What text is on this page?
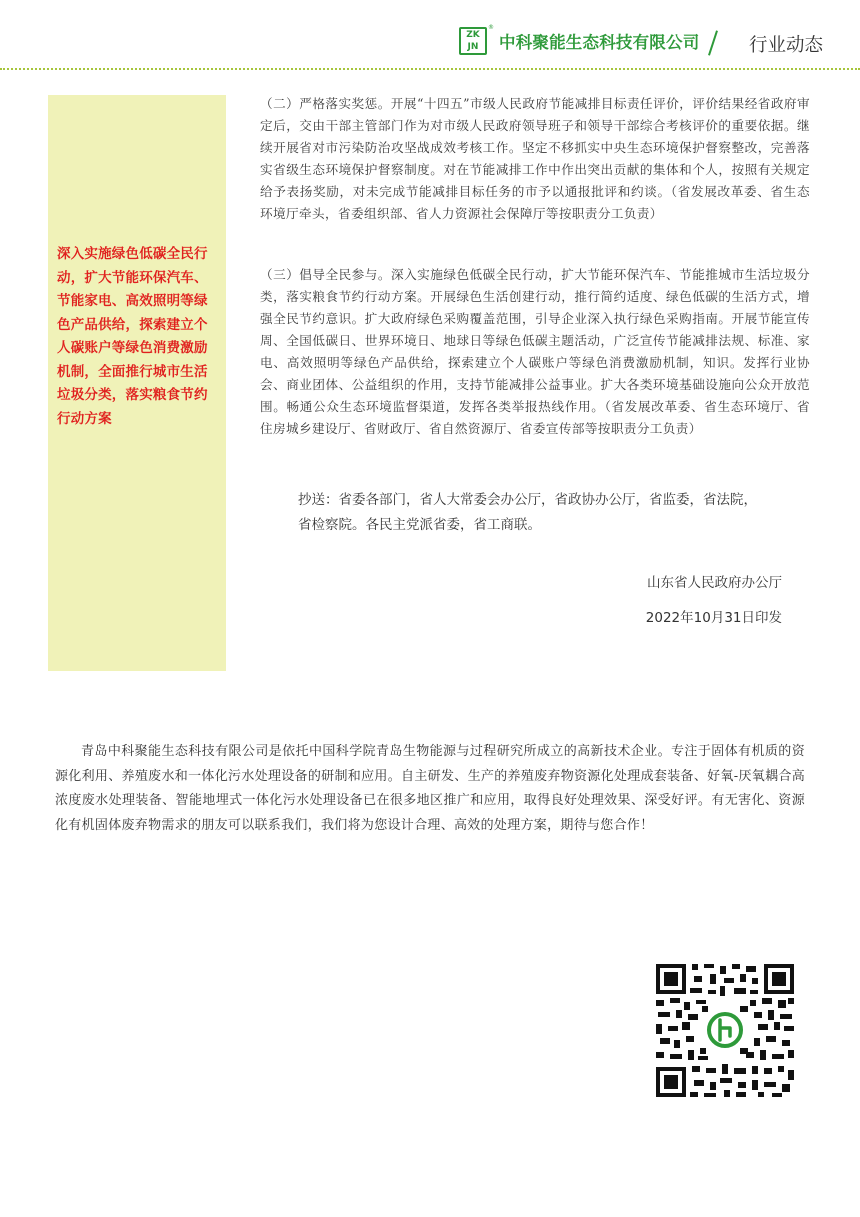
ZK
JN
®
中科聚能生态科技有限公司	行业动态
深入实施绿色低碳全民行动，扩大节能环保汽车、节能家电、高效照明等绿色产品供给，探索建立个人碳账户等绿色消费激励机制，全面推行城市生活垃圾分类，落实粮食节约行动方案
（二）严格落实奖惩。开展“十四五”市级人民政府节能减排目标责任评价，评价结果经省政府审定后，交由干部主管部门作为对市级人民政府领导班子和领导干部综合考核评价的重要依据。继续开展省对市污染防治攻坚战成效考核工作。坚定不移抓实中央生态环境保护督察整改，完善落实省级生态环境保护督察制度。对在节能减排工作中作出突出贡献的集体和个人，按照有关规定给予表扬奖励，对未完成节能减排目标任务的市予以通报批评和约谈。（省发展改革委、省生态环境厅牵头，省委组织部、省人力资源社会保障厅等按职责分工负责）
（三）倡导全民参与。深入实施绿色低碳全民行动，扩大节能环保汽车、节能推城市生活垃圾分类，落实粮食节约行动方案。开展绿色生活创建行动，推行简约适度、绿色低碳的生活方式，增强全民节约意识。扩大政府绿色采购覆盖范围，引导企业深入执行绿色采购指南。开展节能宣传周、全国低碳日、世界环境日、地球日等绿色低碳主题活动，广泛宣传节能减排法规、标准、家电、高效照明等绿色产品供给，探索建立个人碳账户等绿色消费激励机制，知识。发挥行业协会、商业团体、公益组织的作用，支持节能减排公益事业。扩大各类环境基础设施向公众开放范围。畅通公众生态环境监督渠道，发挥各类举报热线作用。（省发展改革委、省生态环境厅、省住房城乡建设厅、省财政厅、省自然资源厅、省委宣传部等按职责分工负责）
抄送：省委各部门，省人大常委会办公厅，省政协办公厅，省监委，省法院，
省检察院。各民主党派省委，省工商联。
山东省人民政府办公厅
2022年10月31日印发
青岛中科聚能生态科技有限公司是依托中国科学院青岛生物能源与过程研究所成立的高新技术企业。专注于固体有机质的资源化利用、养殖废水和一体化污水处理设备的研制和应用。自主研发、生产的养殖废弃物资源化处理成套装备、好氧-厌氧耦合高浓度废水处理装备、智能地埋式一体化污水处理设备已在很多地区推广和应用，取得良好处理效果、深受好评。有无害化、资源化有机固体废弃物需求的朋友可以联系我们，我们将为您设计合理、高效的处理方案，期待与您合作！
